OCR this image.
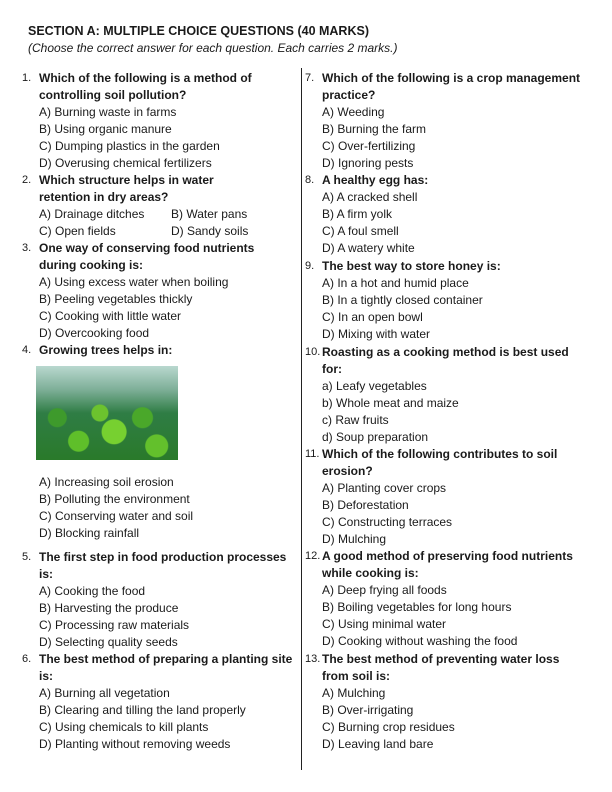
SECTION A: MULTIPLE CHOICE QUESTIONS (40 MARKS)
(Choose the correct answer for each question. Each carries 2 marks.)
1. Which of the following is a method of controlling soil pollution?
A) Burning waste in farms
B) Using organic manure
C) Dumping plastics in the garden
D) Overusing chemical fertilizers
2. Which structure helps in water retention in dry areas?
A) Drainage ditches B) Water pans
C) Open fields	D) Sandy soils
3. One way of conserving food nutrients during cooking is:
A) Using excess water when boiling
B) Peeling vegetables thickly
C) Cooking with little water
D) Overcooking food
4. Growing trees helps in:
A) Increasing soil erosion
B) Polluting the environment
C) Conserving water and soil
D) Blocking rainfall
5. The first step in food production processes is:
A) Cooking the food
B) Harvesting the produce
C) Processing raw materials
D) Selecting quality seeds
6. The best method of preparing a planting site is:
A) Burning all vegetation
B) Clearing and tilling the land properly
C) Using chemicals to kill plants
D) Planting without removing weeds
7. Which of the following is a crop management practice?
A) Weeding
B) Burning the farm
C) Over-fertilizing
D) Ignoring pests
8. A healthy egg has:
A) A cracked shell
B) A firm yolk
C) A foul smell
D) A watery white
9. The best way to store honey is:
A) In a hot and humid place
B) In a tightly closed container
C) In an open bowl
D) Mixing with water
10. Roasting as a cooking method is best used for:
a) Leafy vegetables
b) Whole meat and maize
c) Raw fruits
d) Soup preparation
11. Which of the following contributes to soil erosion?
A) Planting cover crops
B) Deforestation
C) Constructing terraces
D) Mulching
12. A good method of preserving food nutrients while cooking is:
A) Deep frying all foods
B) Boiling vegetables for long hours
C) Using minimal water
D) Cooking without washing the food
13. The best method of preventing water loss from soil is:
A) Mulching
B) Over-irrigating
C) Burning crop residues
D) Leaving land bare
